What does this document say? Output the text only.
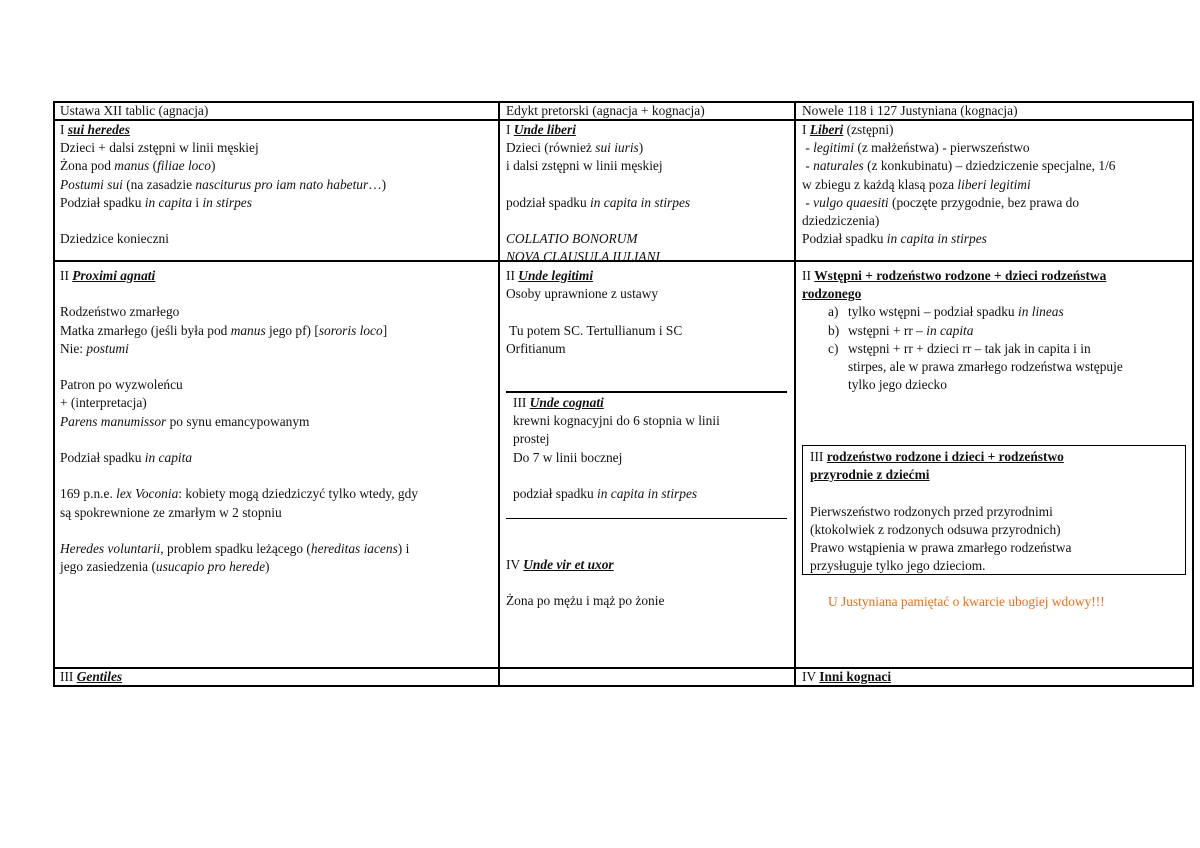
Ustawa XII tablic (agnacja)	Edykt pretorski (agnacja + kognacja)	Nowele 118 i 127 Justyniana (kognacja)
I sui heredes
Dzieci + dalsi zstępni w linii męskiej
Żona pod manus (filiae loco)
Postumi sui (na zasadzie nasciturus pro iam nato habetur…)
Podział spadku in capita i in stirpes
Dziedzice konieczni
II Proximi agnati
Rodzeństwo zmarłego
Matka zmarłego (jeśli była pod manus jego pf) [sororis loco]
Nie: postumi
Patron po wyzwoleńcu
+ (interpretacja)
Parens manumissor po synu emancypowanym
Podział spadku in capita
169 p.n.e. lex Voconia: kobiety mogą dziedziczyć tylko wtedy, gdy
są spokrewnione ze zmarłym w 2 stopniu
Heredes voluntarii, problem spadku leżącego (hereditas iacens) i
jego zasiedzenia (usucapio pro herede)
III Gentiles
I Unde liberi
Dzieci (również sui iuris)
i dalsi zstępni w linii męskiej
podział spadku in capita in stirpes
COLLATIO BONORUM
NOVA CLAUSULA IULIANI
II Unde legitimi
Osoby uprawnione z ustawy
Tu potem SC. Tertullianum i SC
Orfitianum
III Unde cognati
krewni kognacyjni do 6 stopnia w linii
prostej
Do 7 w linii bocznej
podział spadku in capita in stirpes
IV Unde vir et uxor
Żona po mężu i mąż po żonie
I Liberi (zstępni)
- legitimi (z małżeństwa) - pierwszeństwo
- naturales (z konkubinatu) – dziedziczenie specjalne, 1/6
w zbiegu z każdą klasą poza liberi legitimi
- vulgo quaesiti (poczęte przygodnie, bez prawa do
dziedziczenia)
Podział spadku in capita in stirpes
II Wstępni + rodzeństwo rodzone + dzieci rodzeństwa
rodzonego
a) tylko wstępni – podział spadku in lineas
b) wstępni + rr – in capita
c) wstępni + rr + dzieci rr – tak jak in capita i in
stirpes, ale w prawa zmarłego rodzeństwa wstępuje
tylko jego dziecko
III rodzeństwo rodzone i dzieci + rodzeństwo
przyrodnie z dziećmi
Pierwszeństwo rodzonych przed przyrodnimi
(ktokolwiek z rodzonych odsuwa przyrodnich)
Prawo wstąpienia w prawa zmarłego rodzeństwa
przysługuje tylko jego dzieciom.
U Justyniana pamiętać o kwarcie ubogiej wdowy!!!
IV Inni kognaci
